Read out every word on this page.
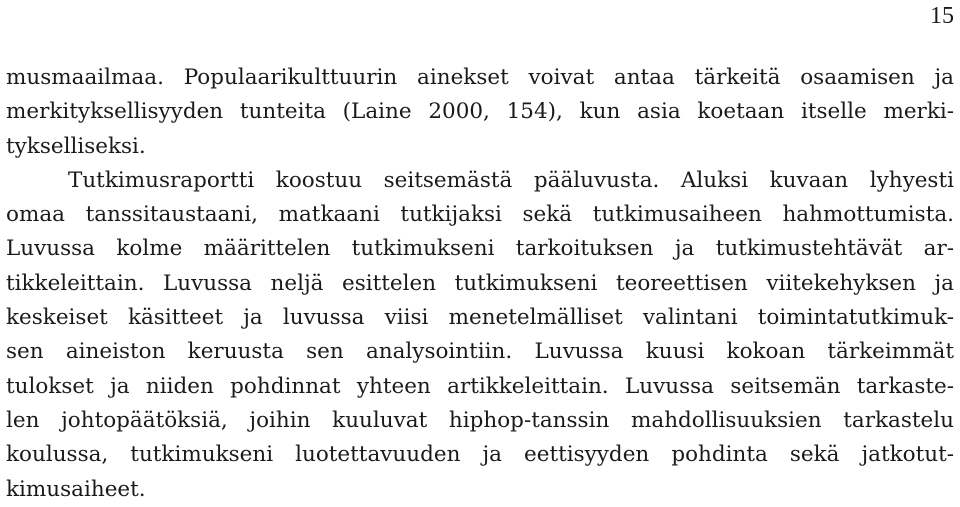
15
musmaailmaa. Populaarikulttuurin ainekset voivat antaa tärkeitä osaamisen ja
merkityksellisyyden tunteita (Laine 2000, 154), kun asia koetaan itselle merki-
tykselliseksi.
Tutkimusraportti koostuu seitsemästä pääluvusta. Aluksi kuvaan lyhyesti
omaa tanssitaustaani, matkaani tutkijaksi sekä tutkimusaiheen hahmottumista.
Luvussa kolme määrittelen tutkimukseni tarkoituksen ja tutkimustehtävät ar-
tikkeleittain. Luvussa neljä esittelen tutkimukseni teoreettisen viitekehyksen ja
keskeiset käsitteet ja luvussa viisi menetelmälliset valintani toimintatutkimuk-
sen aineiston keruusta sen analysointiin. Luvussa kuusi kokoan tärkeimmät
tulokset ja niiden pohdinnat yhteen artikkeleittain. Luvussa seitsemän tarkaste-
len johtopäätöksiä, joihin kuuluvat hiphop-tanssin mahdollisuuksien tarkastelu
koulussa, tutkimukseni luotettavuuden ja eettisyyden pohdinta sekä jatkotut-
kimusaiheet.
